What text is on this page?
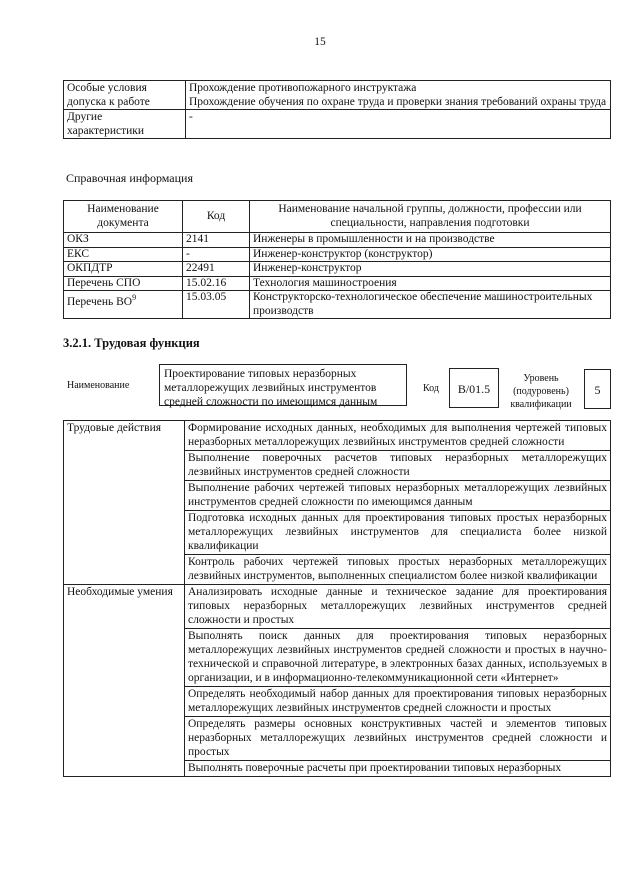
15
Особые условия допуска к работе	Прохождение противопожарного инструктажа
Прохождение обучения по охране труда и проверки знания требований охраны труда

Другие характеристики	-
Справочная информация
Наименование документа	Код	Наименование начальной группы, должности, профессии или специальности, направления подготовки
ОКЗ	2141	Инженеры в промышленности и на производстве
ЕКС	-	Инженер-конструктор (конструктор)
ОКПДТР	22491	Инженер-конструктор
Перечень СПО	15.02.16	Технология машиностроения
Перечень $ВО^9$	15.03.05	Конструкторско-технологическое обеспечение машиностроительных производств
3.2.1. Трудовая функция
Наименование
Проектирование типовых неразборных металлорежущих лезвийных инструментов средней сложности по имеющимся данным
Код	В/01.5
Уровень (подуровень) квалификации
5
Трудовые действия	Формирование исходных данных, необходимых для выполнения чертежей типовых неразборных металлорежущих лезвийных инструментов средней сложности
	Выполнение поверочных расчетов типовых неразборных металлорежущих лезвийных инструментов средней сложности
	Выполнение рабочих чертежей типовых неразборных металлорежущих лезвийных инструментов средней сложности по имеющимся данным
	Подготовка исходных данных для проектирования типовых простых неразборных металлорежущих лезвийных инструментов для специалиста более низкой квалификации
	Контроль рабочих чертежей типовых простых неразборных металлорежущих лезвийных инструментов, выполненных специалистом более низкой квалификации
Необходимые умения	Анализировать исходные данные и техническое задание для проектирования типовых неразборных металлорежущих лезвийных инструментов средней сложности и простых
	Выполнять поиск данных для проектирования типовых неразборных металлорежущих лезвийных инструментов средней сложности и простых в научно-технической и справочной литературе, в электронных базах данных, используемых в организации, и в информационно-телекоммуникационной сети «Интернет»
	Определять необходимый набор данных для проектирования типовых неразборных металлорежущих лезвийных инструментов средней сложности и простых
	Определять размеры основных конструктивных частей и элементов типовых неразборных металлорежущих лезвийных инструментов средней сложности и простых
	Выполнять поверочные расчеты при проектировании типовых неразборных
